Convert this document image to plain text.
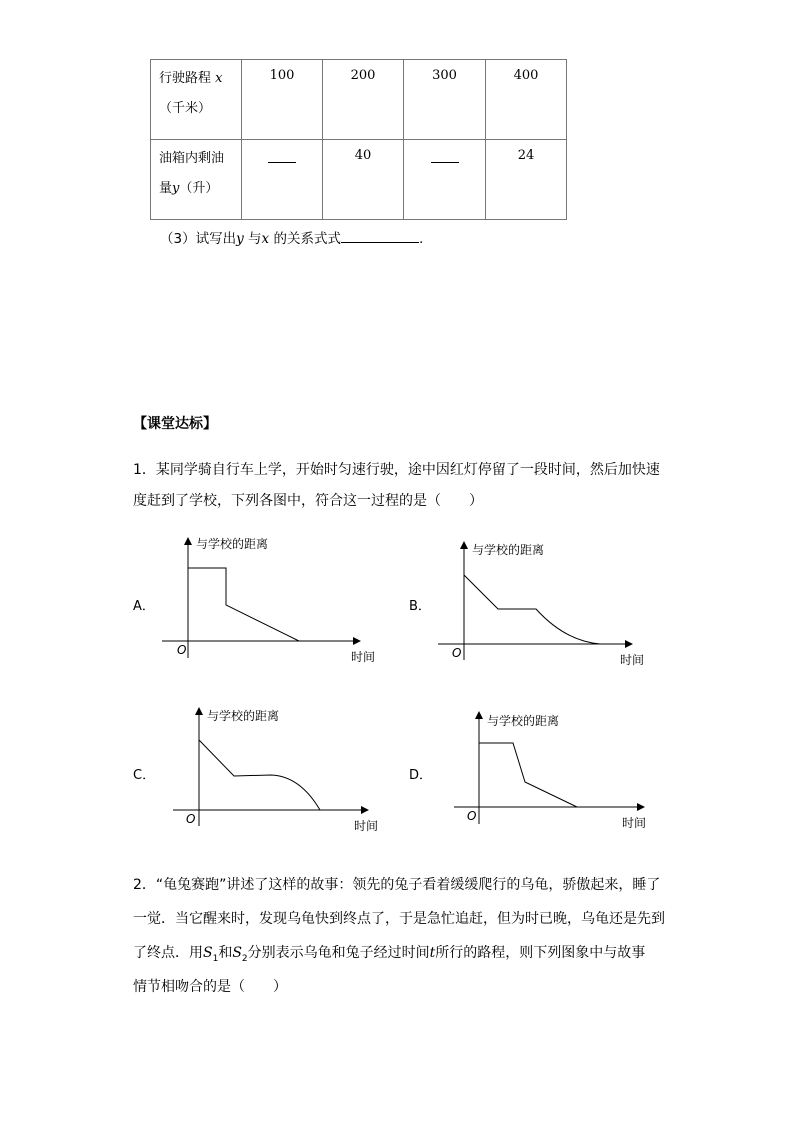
行驶路程 x
（千米）	100	200	300	400
油箱内剩油
量y（升）		40		24
（3）试写出y 与x 的关系式式	.
【课堂达标】
1．某同学骑自行车上学，开始时匀速行驶，途中因红灯停留了一段时间，然后加快速
度赶到了学校，下列各图中，符合这一过程的是（　　）
A．	B．
C．	D．
与学校的距离
时间
O
与学校的距离
时间
O
与学校的距离
时间
O
与学校的距离
时间
O
2．“龟兔赛跑”讲述了这样的故事：领先的兔子看着缓缓爬行的乌龟，骄傲起来，睡了
一觉．当它醒来时，发现乌龟快到终点了，于是急忙追赶，但为时已晚，乌龟还是先到
了终点．用$S_1$和$S_2$分别表示乌龟和兔子经过时间t所行的路程，则下列图象中与故事
情节相吻合的是（　　）
